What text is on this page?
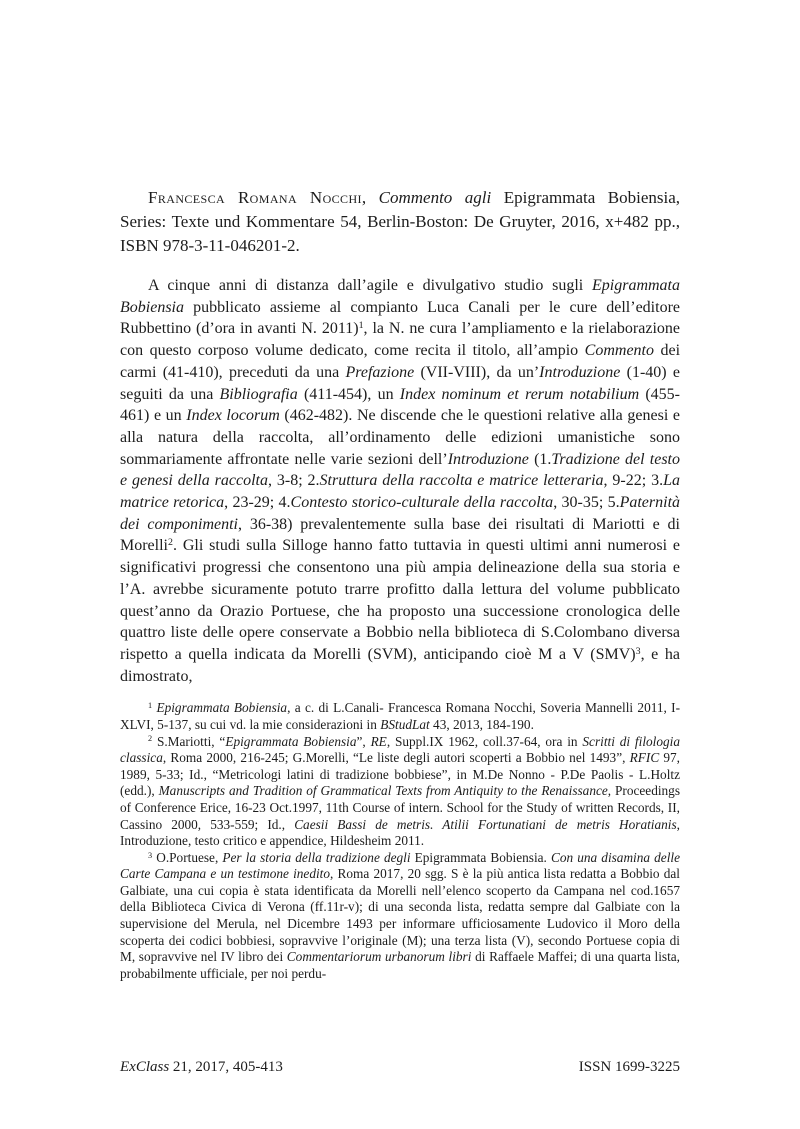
Francesca Romana Nocchi, Commento agli Epigrammata Bobiensia, Series: Texte und Kommentare 54, Berlin-Boston: De Gruyter, 2016, x+482 pp., ISBN 978-3-11-046201-2.

A cinque anni di distanza dall’agile e divulgativo studio sugli Epigrammata Bobiensia pubblicato assieme al compianto Luca Canali per le cure dell’editore Rubbettino (d’ora in avanti N. 2011)$^1$, la N. ne cura l’ampliamento e la rielaborazione con questo corposo volume dedicato, come recita il titolo, all’ampio Commento dei carmi (41-410), preceduti da una Prefazione (VII-VIII), da un’Introduzione (1-40) e seguiti da una Bibliografia (411-454), un Index nominum et rerum notabilium (455-461) e un Index locorum (462-482). Ne discende che le questioni relative alla genesi e alla natura della raccolta, all’ordinamento delle edizioni umanistiche sono sommariamente affrontate nelle varie sezioni dell’Introduzione (1.Tradizione del testo e genesi della raccolta, 3-8; 2.Struttura della raccolta e matrice letteraria, 9-22; 3.La matrice retorica, 23-29; 4.Contesto storico-culturale della raccolta, 30-35; 5.Paternità dei componimenti, 36-38) prevalentemente sulla base dei risultati di Mariotti e di Morelli$^2$. Gli studi sulla Silloge hanno fatto tuttavia in questi ultimi anni numerosi e significativi progressi che consentono una più ampia delineazione della sua storia e l’A. avrebbe sicuramente potuto trarre profitto dalla lettura del volume pubblicato quest’anno da Orazio Portuese, che ha proposto una successione cronologica delle quattro liste delle opere conservate a Bobbio nella biblioteca di S.Colombano diversa rispetto a quella indicata da Morelli (SVM), anticipando cioè M a V (SMV)$^3$, e ha dimostrato,

$^1$ Epigrammata Bobiensia, a c. di L.Canali- Francesca Romana Nocchi, Soveria Mannelli 2011, I-XLVI, 5-137, su cui vd. la mie considerazioni in BStudLat 43, 2013, 184-190.

$^2$ S.Mariotti, “Epigrammata Bobiensia”, RE, Suppl.IX 1962, coll.37-64, ora in Scritti di filologia classica, Roma 2000, 216-245; G.Morelli, “Le liste degli autori scoperti a Bobbio nel 1493”, RFIC 97, 1989, 5-33; Id., “Metricologi latini di tradizione bobbiese”, in M.De Nonno - P.De Paolis - L.Holtz (edd.), Manuscripts and Tradition of Grammatical Texts from Antiquity to the Renaissance, Proceedings of Conference Erice, 16-23 Oct.1997, 11th Course of intern. School for the Study of written Records, II, Cassino 2000, 533-559; Id., Caesii Bassi de metris. Atilii Fortunatiani de metris Horatianis, Introduzione, testo critico e appendice, Hildesheim 2011.

$^3$ O.Portuese, Per la storia della tradizione degli Epigrammata Bobiensia. Con una disamina delle Carte Campana e un testimone inedito, Roma 2017, 20 sgg. S è la più antica lista redatta a Bobbio dal Galbiate, una cui copia è stata identificata da Morelli nell’elenco scoperto da Campana nel cod.1657 della Biblioteca Civica di Verona (ff.11r-v); di una seconda lista, redatta sempre dal Galbiate con la supervisione del Merula, nel Dicembre 1493 per informare ufficiosamente Ludovico il Moro della scoperta dei codici bobbiesi, sopravvive l’originale (M); una terza lista (V), secondo Portuese copia di M, sopravvive nel IV libro dei Commentariorum urbanorum libri di Raffaele Maffei; di una quarta lista, probabilmente ufficiale, per noi perdu-

ExClass 21, 2017, 405-413	ISSN 1699-3225
